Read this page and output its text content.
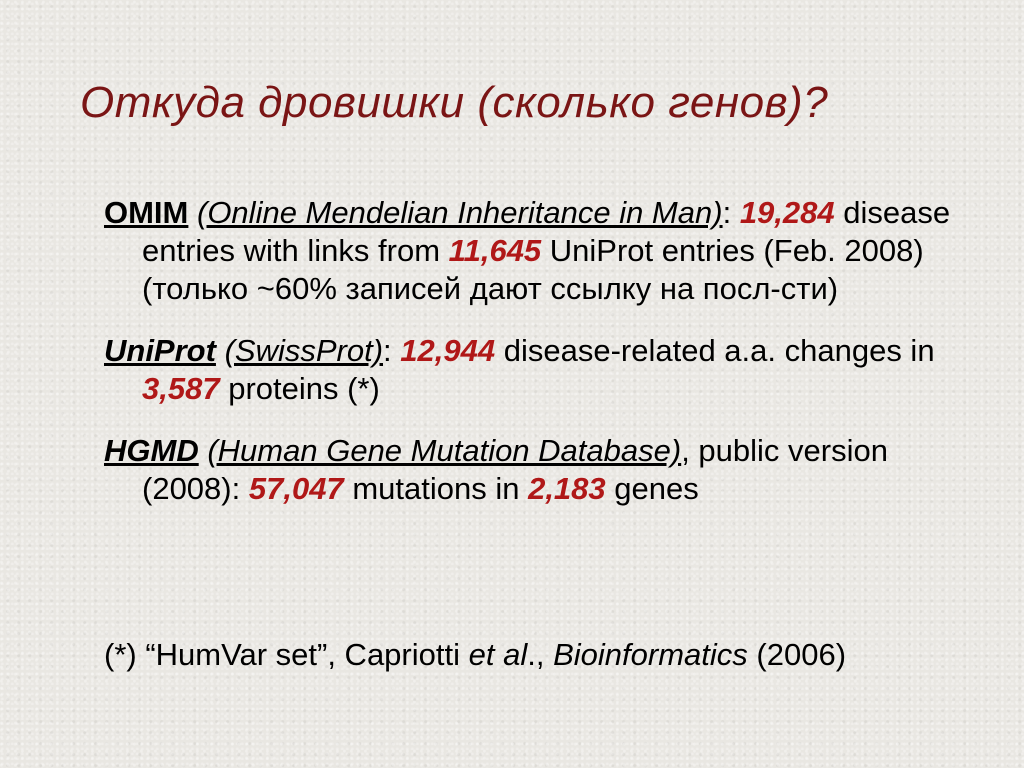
Откуда дровишки (сколько генов)?

OMIM (Online Mendelian Inheritance in Man): 19,284 disease entries with links from 11,645 UniProt entries (Feb. 2008) (только ~60% записей дают ссылку на посл-сти)

UniProt (SwissProt): 12,944 disease-related a.a. changes in 3,587 proteins (*)

HGMD (Human Gene Mutation Database), public version (2008): 57,047 mutations in 2,183 genes

(*) “HumVar set”, Capriotti et al., Bioinformatics (2006)
